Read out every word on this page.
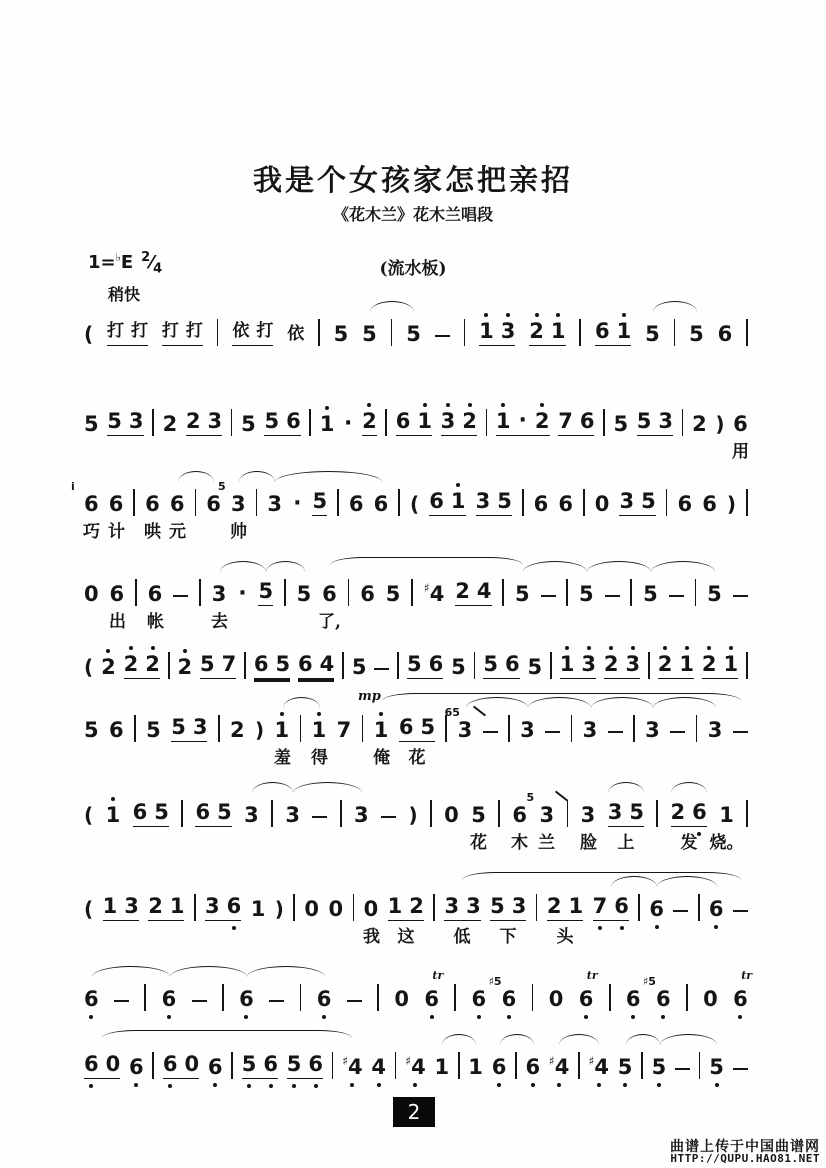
我是个女孩家怎把亲招
《花木兰》花木兰唱段
1=♭E $^2⁄_4$	(流水板)
稍快
( 打 打 打 打 依 打 依 5 5 5	1 3 2 1 6 1 5 5 6
5 5 3 2 2 3 5 5 6 1 · 2 6 1 3 2 1 · 2 7 6 5 5 3 2 ) 6
用
6
i
6 6 6 6 3
5
3 · 5 6 6 ( 6 1 3 5 6 6 0 3 5 6 6 )
巧 计 哄 元	帅
0 6 6 3 · 5 5 6 6 5 ♯ 4 2 4 5 5 5 5
出 帐	去	了,
( 2 2 2 2 5 7 6 5 6 4 5 5 6 5 5 6 5 1 3 2 3 2 1 2 1
5 6 5 5 3 2 ) 1 1 7 1 6 5 3
65
3 3 3 3
羞 得	俺 花
mp
( 1 6 5 6 5 3 3	3 ) 0 5 6 3
5
3 3 5 2 6 1
花 木 兰 脸 上	发 烧。
( 1 3 2 1 3 6 1 ) 0 0 0 1 2 3 3 5 3 2 1 7 6 6 6
我 这 低 下 头
6	6	6	6	0 6
tr
6 6
♯5
0 6
tr
6 6
♯5
0 6
tr
6 0 6 6 0 6 5 6 5 6 ♯ 4 4 ♯ 4 1 1 6 6 ♯ 4 ♯ 4 5 5 5
2
曲谱上传于中国曲谱网
HTTP://QUPU.HAO81.NET
